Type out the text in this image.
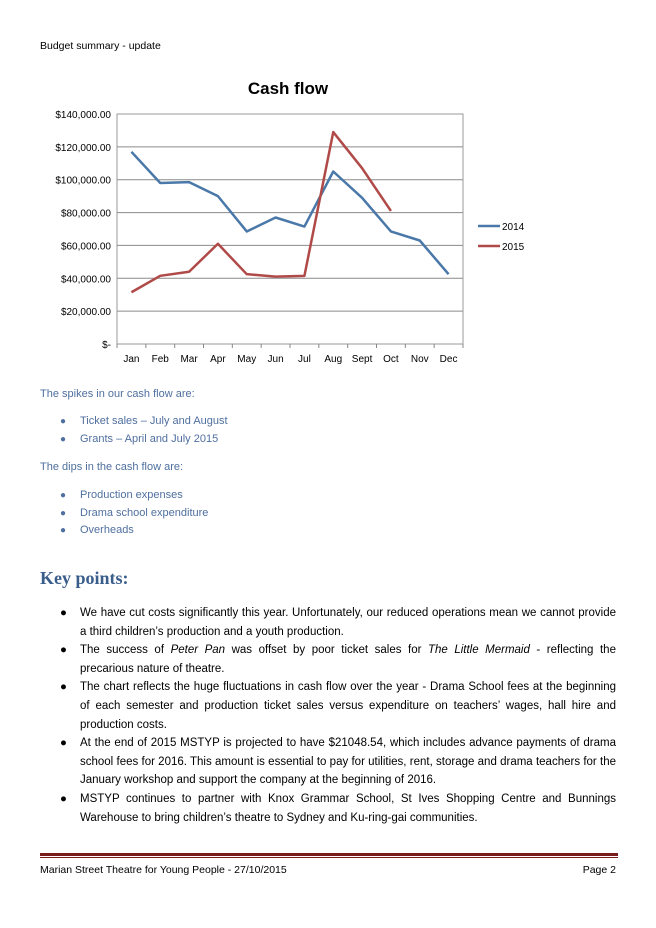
Budget summary - update
Cash flow
$-
$20,000.00
$40,000.00
$60,000.00
$80,000.00
$100,000.00
$120,000.00
$140,000.00
Jan Feb Mar Apr May Jun Jul Aug Sept Oct Nov Dec
2014
2015
The spikes in our cash flow are:
● Ticket sales – July and August
● Grants – April and July 2015
The dips in the cash flow are:
● Production expenses
● Drama school expenditure
● Overheads
Key points:
● We have cut costs significantly this year. Unfortunately, our reduced operations mean we cannot provide a third children’s production and a youth production.
● The success of Peter Pan was offset by poor ticket sales for The Little Mermaid - reflecting the precarious nature of theatre.
● The chart reflects the huge fluctuations in cash flow over the year - Drama School fees at the beginning of each semester and production ticket sales versus expenditure on teachers’ wages, hall hire and production costs.
● At the end of 2015 MSTYP is projected to have $21048.54, which includes advance payments of drama school fees for 2016. This amount is essential to pay for utilities, rent, storage and drama teachers for the January workshop and support the company at the beginning of 2016.
● MSTYP continues to partner with Knox Grammar School, St Ives Shopping Centre and Bunnings Warehouse to bring children’s theatre to Sydney and Ku-ring-gai communities.
Marian Street Theatre for Young People - 27/10/2015	Page 2
